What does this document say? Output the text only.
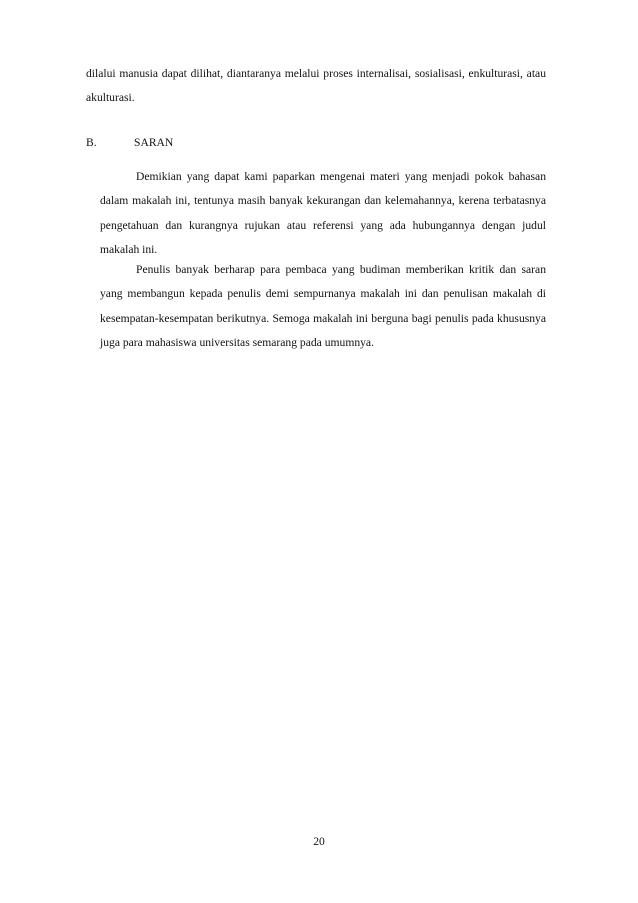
dilalui manusia dapat dilihat, diantaranya melalui proses internalisai, sosialisasi, enkulturasi, atau akulturasi.

B.	SARAN

Demikian yang dapat kami paparkan mengenai materi yang menjadi pokok bahasan dalam makalah ini, tentunya masih banyak kekurangan dan kelemahannya, kerena terbatasnya pengetahuan dan kurangnya rujukan atau referensi yang ada hubungannya dengan judul makalah ini.

Penulis banyak berharap para pembaca yang budiman memberikan kritik dan saran yang membangun kepada penulis demi sempurnanya makalah ini dan penulisan makalah di kesempatan-kesempatan berikutnya. Semoga makalah ini berguna bagi penulis pada khususnya juga para mahasiswa universitas semarang pada umumnya.

20
